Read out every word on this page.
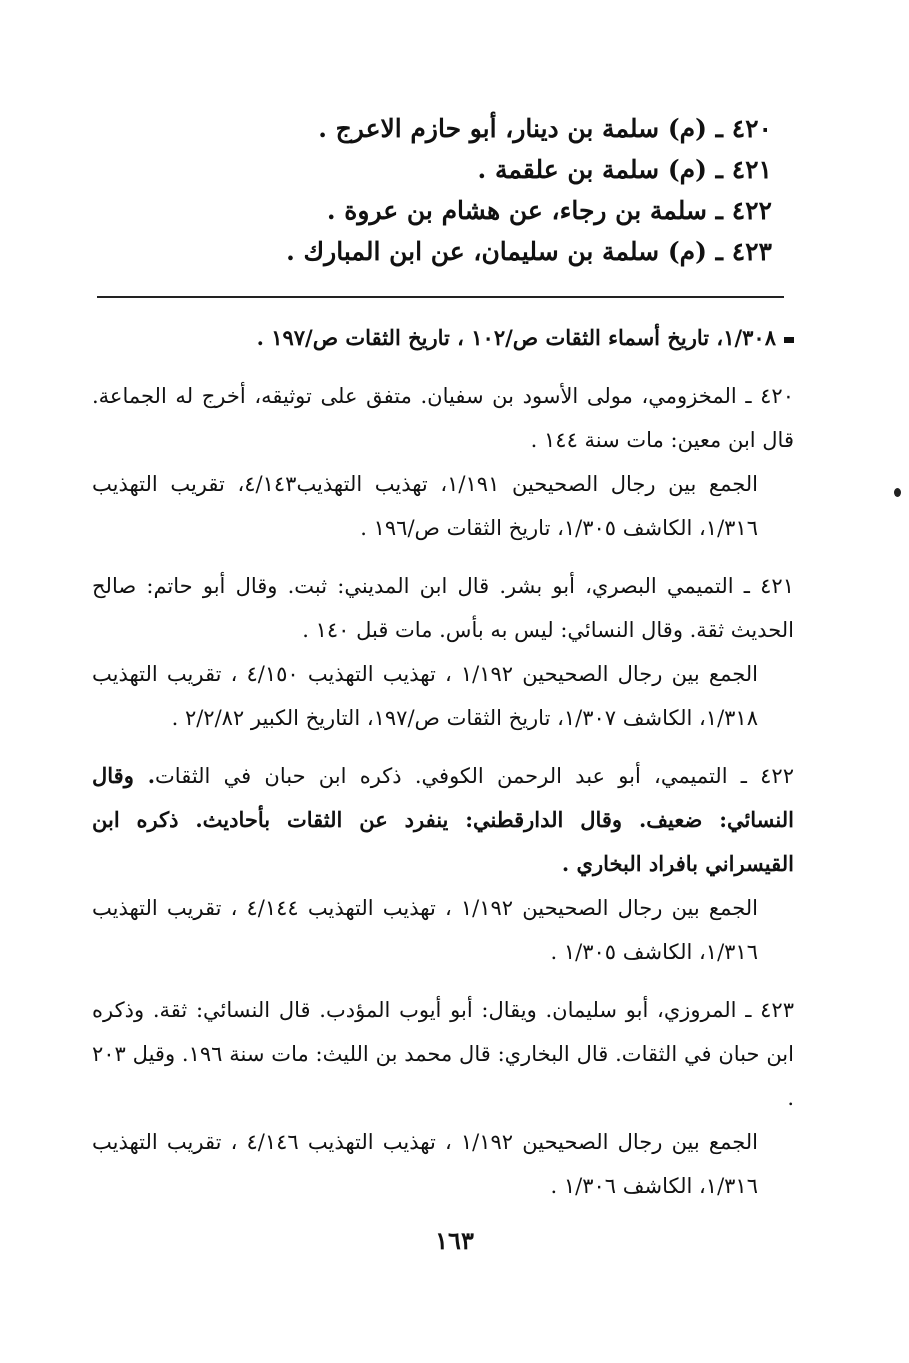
٤٢٠ ـ (م) سلمة بن دينار، أبو حازم الاعرج .
٤٢١ ـ (م) سلمة بن علقمة .
٤٢٢ ـ سلمة بن رجاء، عن هشام بن عروة .
٤٢٣ ـ (م) سلمة بن سليمان، عن ابن المبارك .
١/٣٠٨، تاريخ أسماء الثقات ص/١٠٢ ، تاريخ الثقات ص/١٩٧ .
٤٢٠ ـ المخزومي، مولى الأسود بن سفيان. متفق على توثيقه، أخرج له الجماعة. قال ابن معين: مات سنة ١٤٤ .
الجمع بين رجال الصحيحين ١/١٩١، تهذيب التهذيب٤/١٤٣، تقريب التهذيب ١/٣١٦، الكاشف ١/٣٠٥، تاريخ الثقات ص/١٩٦ .
٤٢١ ـ التميمي البصري، أبو بشر. قال ابن المديني: ثبت. وقال أبو حاتم: صالح الحديث ثقة. وقال النسائي: ليس به بأس. مات قبل ١٤٠ .
الجمع بين رجال الصحيحين ١/١٩٢ ، تهذيب التهذيب ٤/١٥٠ ، تقريب التهذيب ١/٣١٨، الكاشف ١/٣٠٧، تاريخ الثقات ص/١٩٧، التاريخ الكبير ٢/٢/٨٢ .
٤٢٢ ـ التميمي، أبو عبد الرحمن الكوفي. ذكره ابن حبان في الثقات. وقال النسائي: ضعيف. وقال الدارقطني: ينفرد عن الثقات بأحاديث. ذكره ابن القيسراني بافراد البخاري .
الجمع بين رجال الصحيحين ١/١٩٢ ، تهذيب التهذيب ٤/١٤٤ ، تقريب التهذيب ١/٣١٦، الكاشف ١/٣٠٥ .
٤٢٣ ـ المروزي، أبو سليمان. ويقال: أبو أيوب المؤدب. قال النسائي: ثقة. وذكره ابن حبان في الثقات. قال البخاري: قال محمد بن الليث: مات سنة ١٩٦. وقيل ٢٠٣ .
الجمع بين رجال الصحيحين ١/١٩٢ ، تهذيب التهذيب ٤/١٤٦ ، تقريب التهذيب ١/٣١٦، الكاشف ١/٣٠٦ .
١٦٣
